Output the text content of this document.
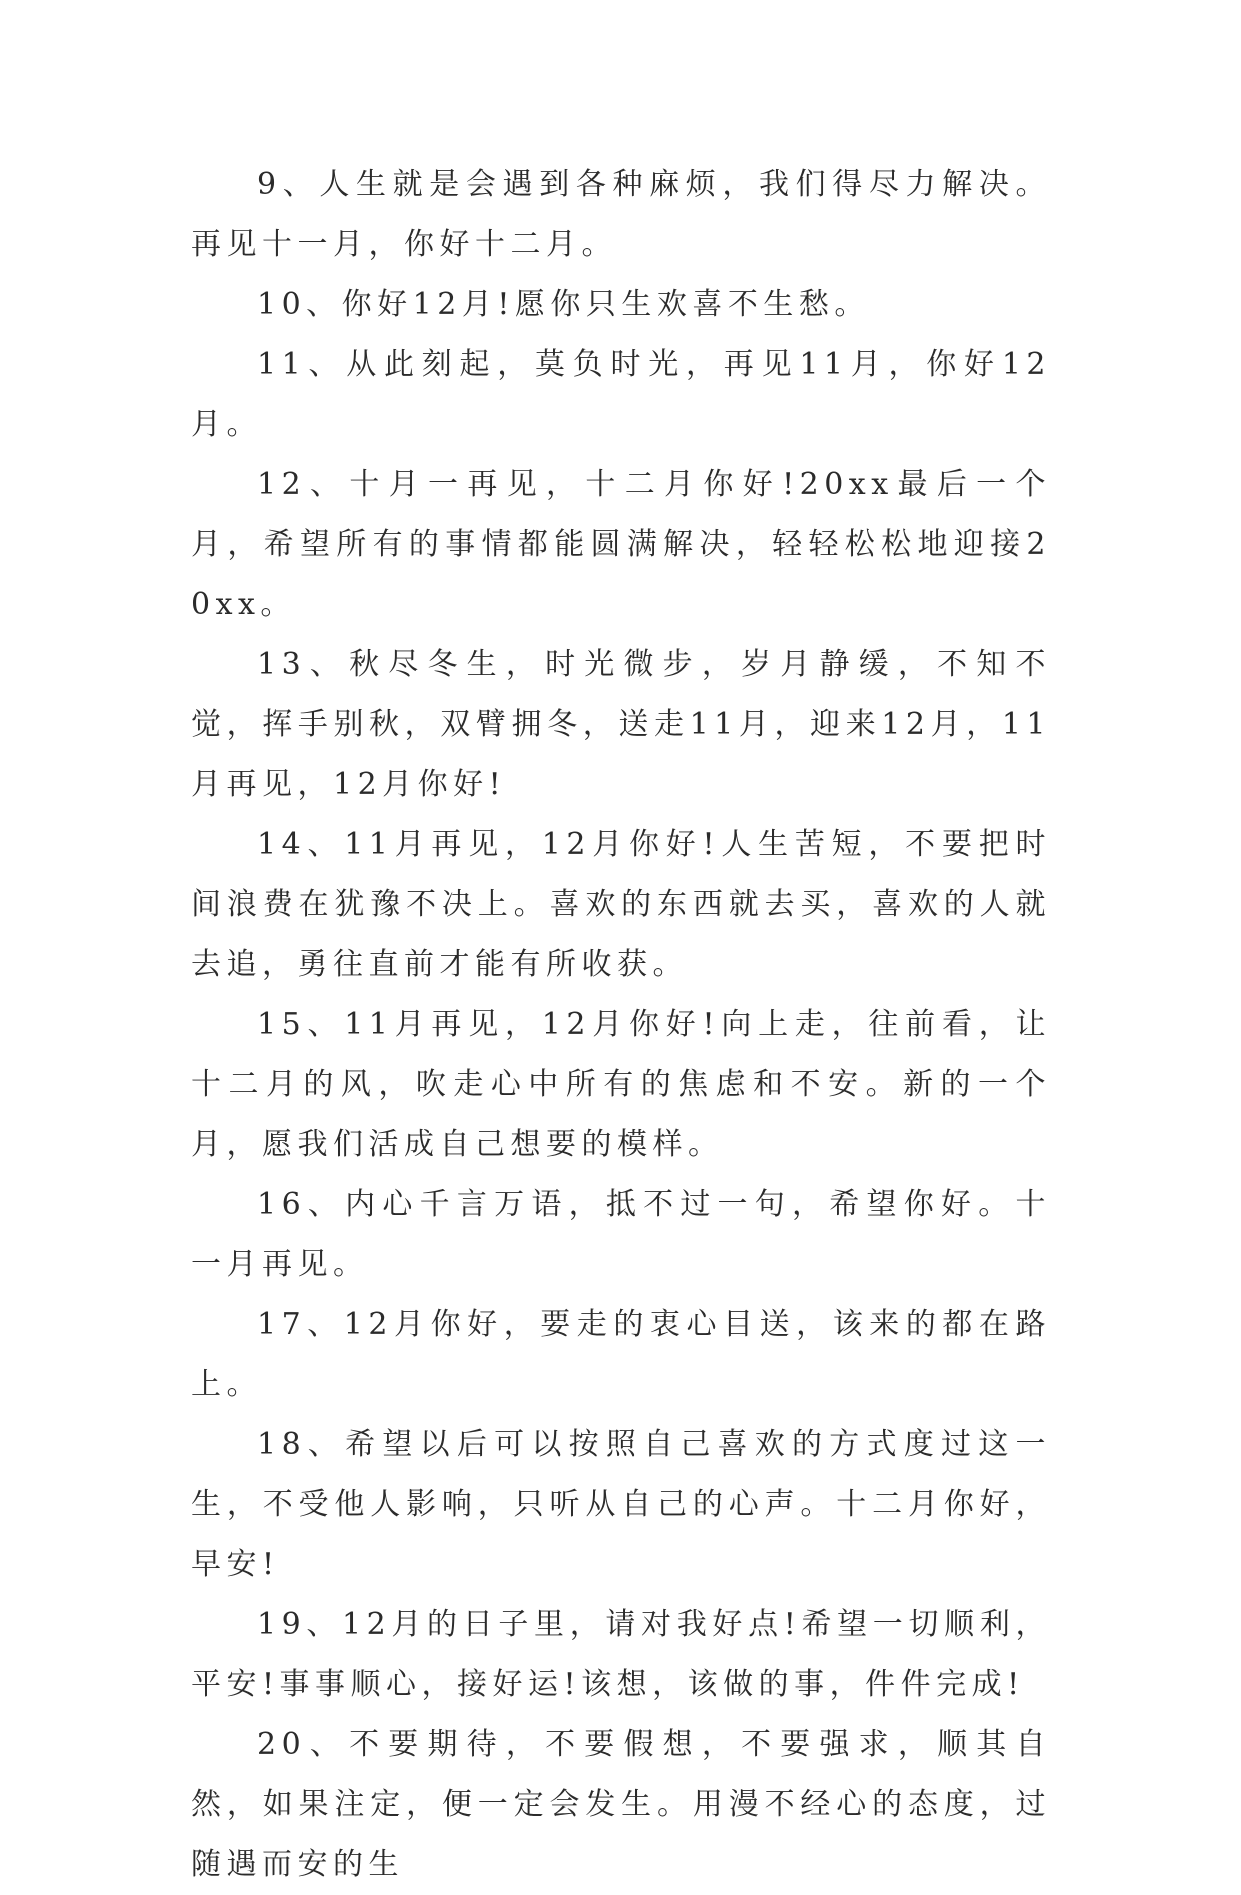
9、人生就是会遇到各种麻烦，我们得尽力解决。再见十一月，你好十二月。

10、你好12月!愿你只生欢喜不生愁。

11、从此刻起，莫负时光，再见11月，你好12月。

12、十月一再见，十二月你好!20xx最后一个月，希望所有的事情都能圆满解决，轻轻松松地迎接20xx。

13、秋尽冬生，时光微步，岁月静缓，不知不觉，挥手别秋，双臂拥冬，送走11月，迎来12月，11月再见，12月你好!

14、11月再见，12月你好!人生苦短，不要把时间浪费在犹豫不决上。喜欢的东西就去买，喜欢的人就去追，勇往直前才能有所收获。

15、11月再见，12月你好!向上走，往前看，让十二月的风，吹走心中所有的焦虑和不安。新的一个月，愿我们活成自己想要的模样。

16、内心千言万语，抵不过一句，希望你好。十一月再见。

17、12月你好，要走的衷心目送，该来的都在路上。

18、希望以后可以按照自己喜欢的方式度过这一生，不受他人影响，只听从自己的心声。十二月你好，早安!

19、12月的日子里，请对我好点!希望一切顺利，平安!事事顺心，接好运!该想，该做的事，件件完成!

20、不要期待，不要假想，不要强求，顺其自然，如果注定，便一定会发生。用漫不经心的态度，过随遇而安的生
